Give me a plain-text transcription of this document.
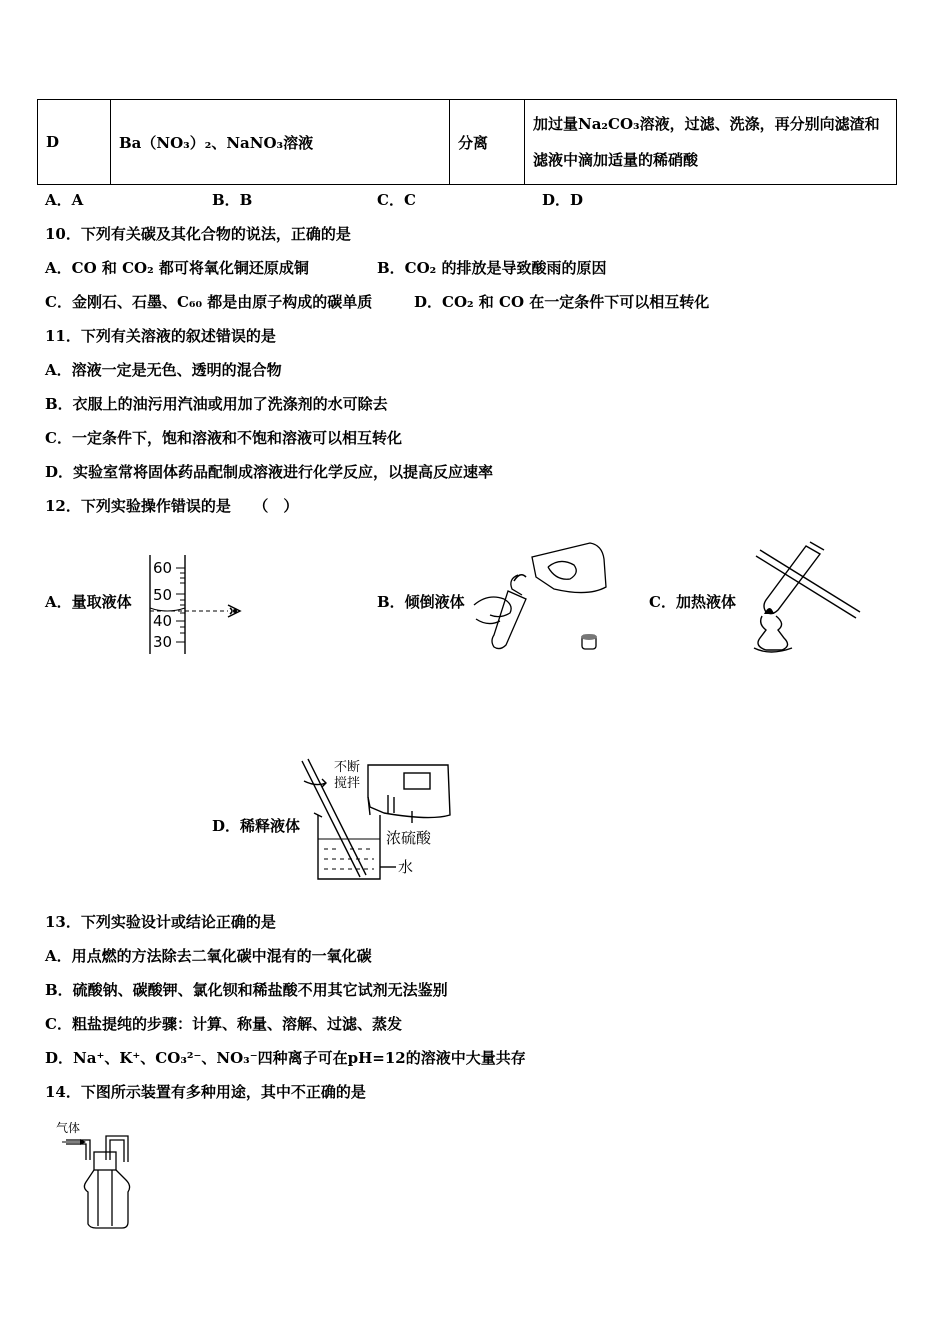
D	Ba（NO₃）₂、NaNO₃溶液	分离	加过量Na₂CO₃溶液，过滤、洗涤，再分别向滤渣和滤液中滴加适量的稀硝酸
A．A	B．B	C．C	D．D
10．下列有关碳及其化合物的说法，正确的是
A．CO 和 CO₂ 都可将氧化铜还原成铜	B．CO₂ 的排放是导致酸雨的原因
C．金刚石、石墨、C₆₀ 都是由原子构成的碳单质	D．CO₂ 和 CO 在一定条件下可以相互转化
11．下列有关溶液的叙述错误的是
A．溶液一定是无色、透明的混合物
B．衣服上的油污用汽油或用加了洗涤剂的水可除去
C．一定条件下，饱和溶液和不饱和溶液可以相互转化
D．实验室常将固体药品配制成溶液进行化学反应，以提高反应速率
12．下列实验操作错误的是　　（　）
A．量取液体	B．倾倒液体	C．加热液体
D．稀释液体
60
50
40
30
不断
搅拌
浓硫酸
水
13．下列实验设计或结论正确的是
A．用点燃的方法除去二氧化碳中混有的一氧化碳
B．硫酸钠、碳酸钾、氯化钡和稀盐酸不用其它试剂无法鉴别
C．粗盐提纯的步骤：计算、称量、溶解、过滤、蒸发
D．Na⁺、K⁺、CO₃²⁻、NO₃⁻四种离子可在pH=12的溶液中大量共存
14．下图所示装置有多种用途，其中不正确的是
气体
